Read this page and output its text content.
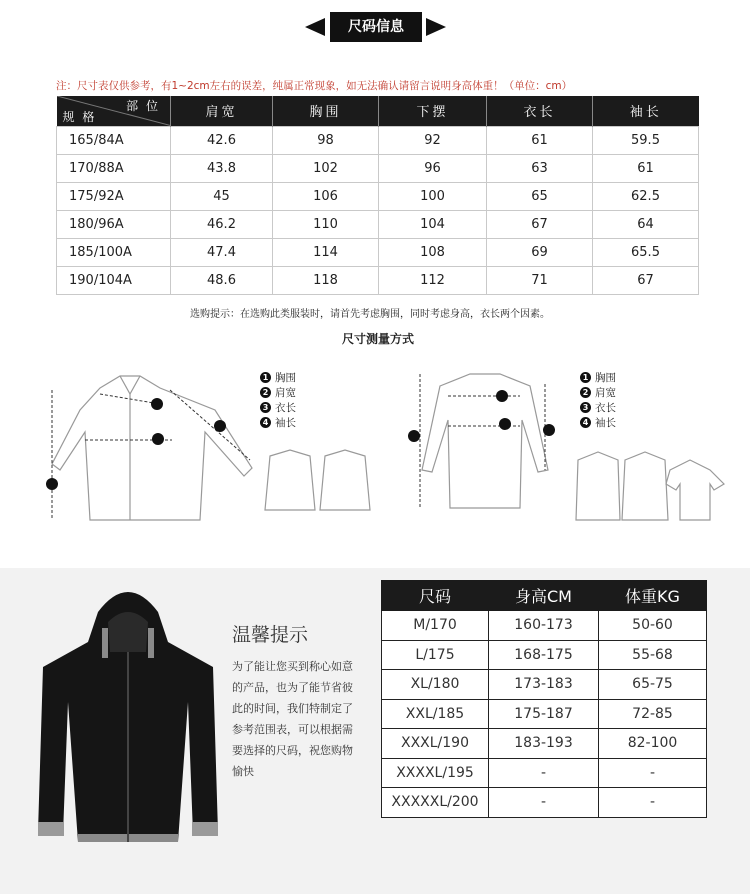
尺码信息
注：尺寸表仅供参考，有1~2cm左右的误差，纯属正常现象，如无法确认请留言说明身高体重！（单位：cm）
部 位
规 格	肩宽	胸围	下摆	衣长	袖长
165/84A	42.6	98	92	61	59.5
170/88A	43.8	102	96	63	61
175/92A	45	106	100	65	62.5
180/96A	46.2	110	104	67	64
185/100A	47.4	114	108	69	65.5
190/104A	48.6	118	112	71	67
选购提示：在选购此类服装时，请首先考虑胸围，同时考虑身高，衣长两个因素。
尺寸测量方式
1 胸围
2 肩宽
3 衣长
4 袖长
1 胸围
2 肩宽
3 衣长
4 袖长
温馨提示
为了能让您买到称心如意
的产品，也为了能节省彼
此的时间，我们特制定了
参考范围表，可以根据需
要选择的尺码，祝您购物
愉快
尺码	身高CM	体重KG
M/170	160-173	50-60
L/175	168-175	55-68
XL/180	173-183	65-75
XXL/185	175-187	72-85
XXXL/190	183-193	82-100
XXXXL/195	-	-
XXXXXL/200	-	-
